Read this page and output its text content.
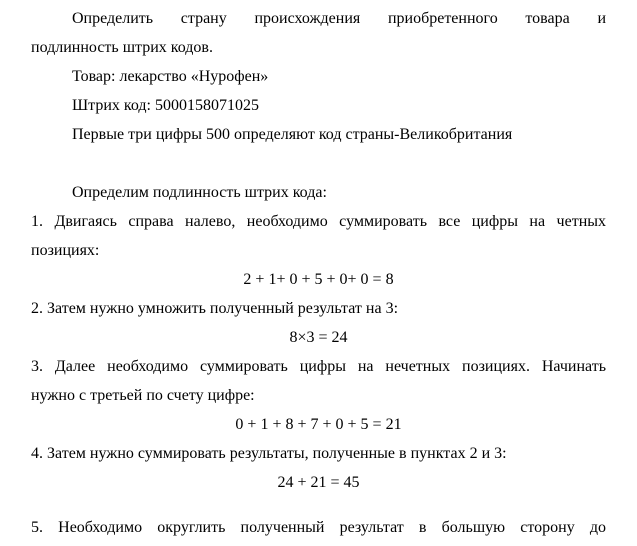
Определить страну происхождения приобретенного товара и
подлинность штрих кодов.
Товар: лекарство «Нурофен»
Штрих код: 5000158071025
Первые три цифры 500 определяют код страны-Великобритания
Определим подлинность штрих кода:
1. Двигаясь справа налево, необходимо суммировать все цифры на четных
позициях:
2 + 1+ 0 + 5 + 0+ 0 = 8
2. Затем нужно умножить полученный результат на 3:
8×3 = 24
3. Далее необходимо суммировать цифры на нечетных позициях. Начинать
нужно с третьей по счету цифре:
0 + 1 + 8 + 7 + 0 + 5 = 21
4. Затем нужно суммировать результаты, полученные в пунктах 2 и 3:
24 + 21 = 45
5. Необходимо округлить полученный результат в большую сторону до
